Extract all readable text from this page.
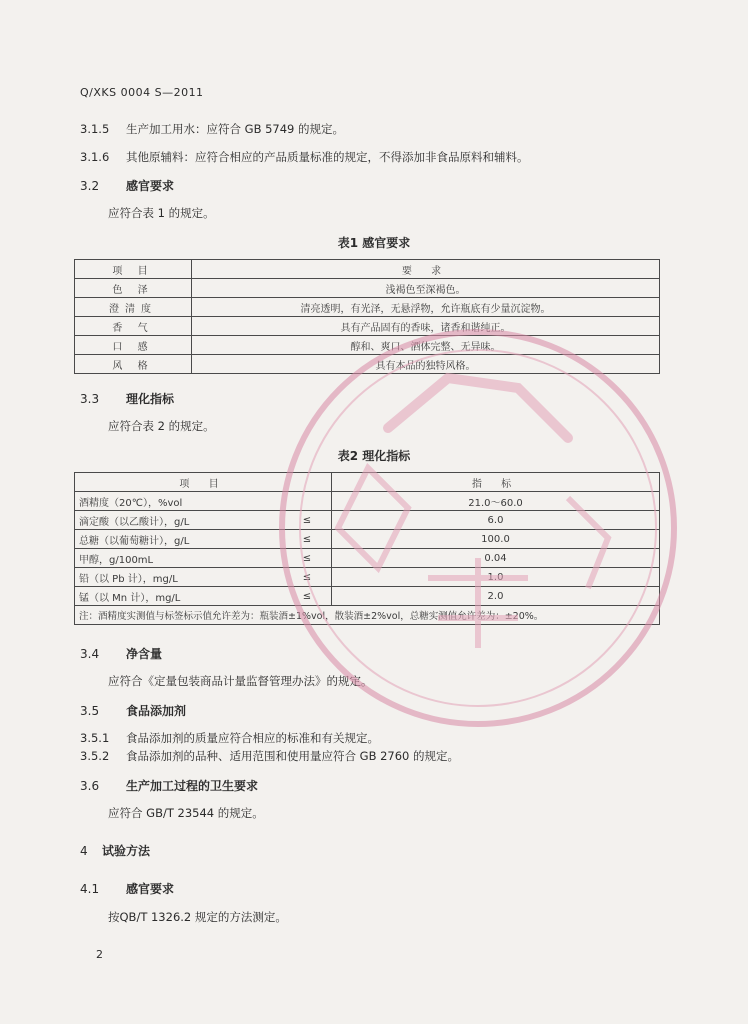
Q/XKS 0004 S—2011
3.1.5 生产加工用水：应符合 GB 5749 的规定。
3.1.6 其他原辅料：应符合相应的产品质量标准的规定，不得添加非食品原料和辅料。
3.2 感官要求
应符合表 1 的规定。
表1 感官要求
项 目	要 求
色 泽	浅褐色至深褐色。
澄清度	清亮透明，有光泽，无悬浮物，允许瓶底有少量沉淀物。
香 气	具有产品固有的香味，诸香和谐纯正。
口 感	醇和、爽口、酒体完整、无异味。
风 格	具有本品的独特风格。
3.3 理化指标
应符合表 2 的规定。
表2 理化指标
项 目		指 标
酒精度（20℃），%vol		21.0～60.0
滴定酸（以乙酸计），g/L	≤	6.0
总糖（以葡萄糖计），g/L	≤	100.0
甲醇，g/100mL	≤	0.04
铅（以 Pb 计），mg/L	≤	1.0
锰（以 Mn 计），mg/L	≤	2.0
注：酒精度实测值与标签标示值允许差为：瓶装酒±1%vol，散装酒±2%vol，总糖实测值允许差为：±20%。		
3.4 净含量
应符合《定量包装商品计量监督管理办法》的规定。
3.5 食品添加剂
3.5.1 食品添加剂的质量应符合相应的标准和有关规定。
3.5.2 食品添加剂的品种、适用范围和使用量应符合 GB 2760 的规定。
3.6 生产加工过程的卫生要求
应符合 GB/T 23544 的规定。
4 试验方法
4.1 感官要求
按QB/T 1326.2 规定的方法测定。
2
